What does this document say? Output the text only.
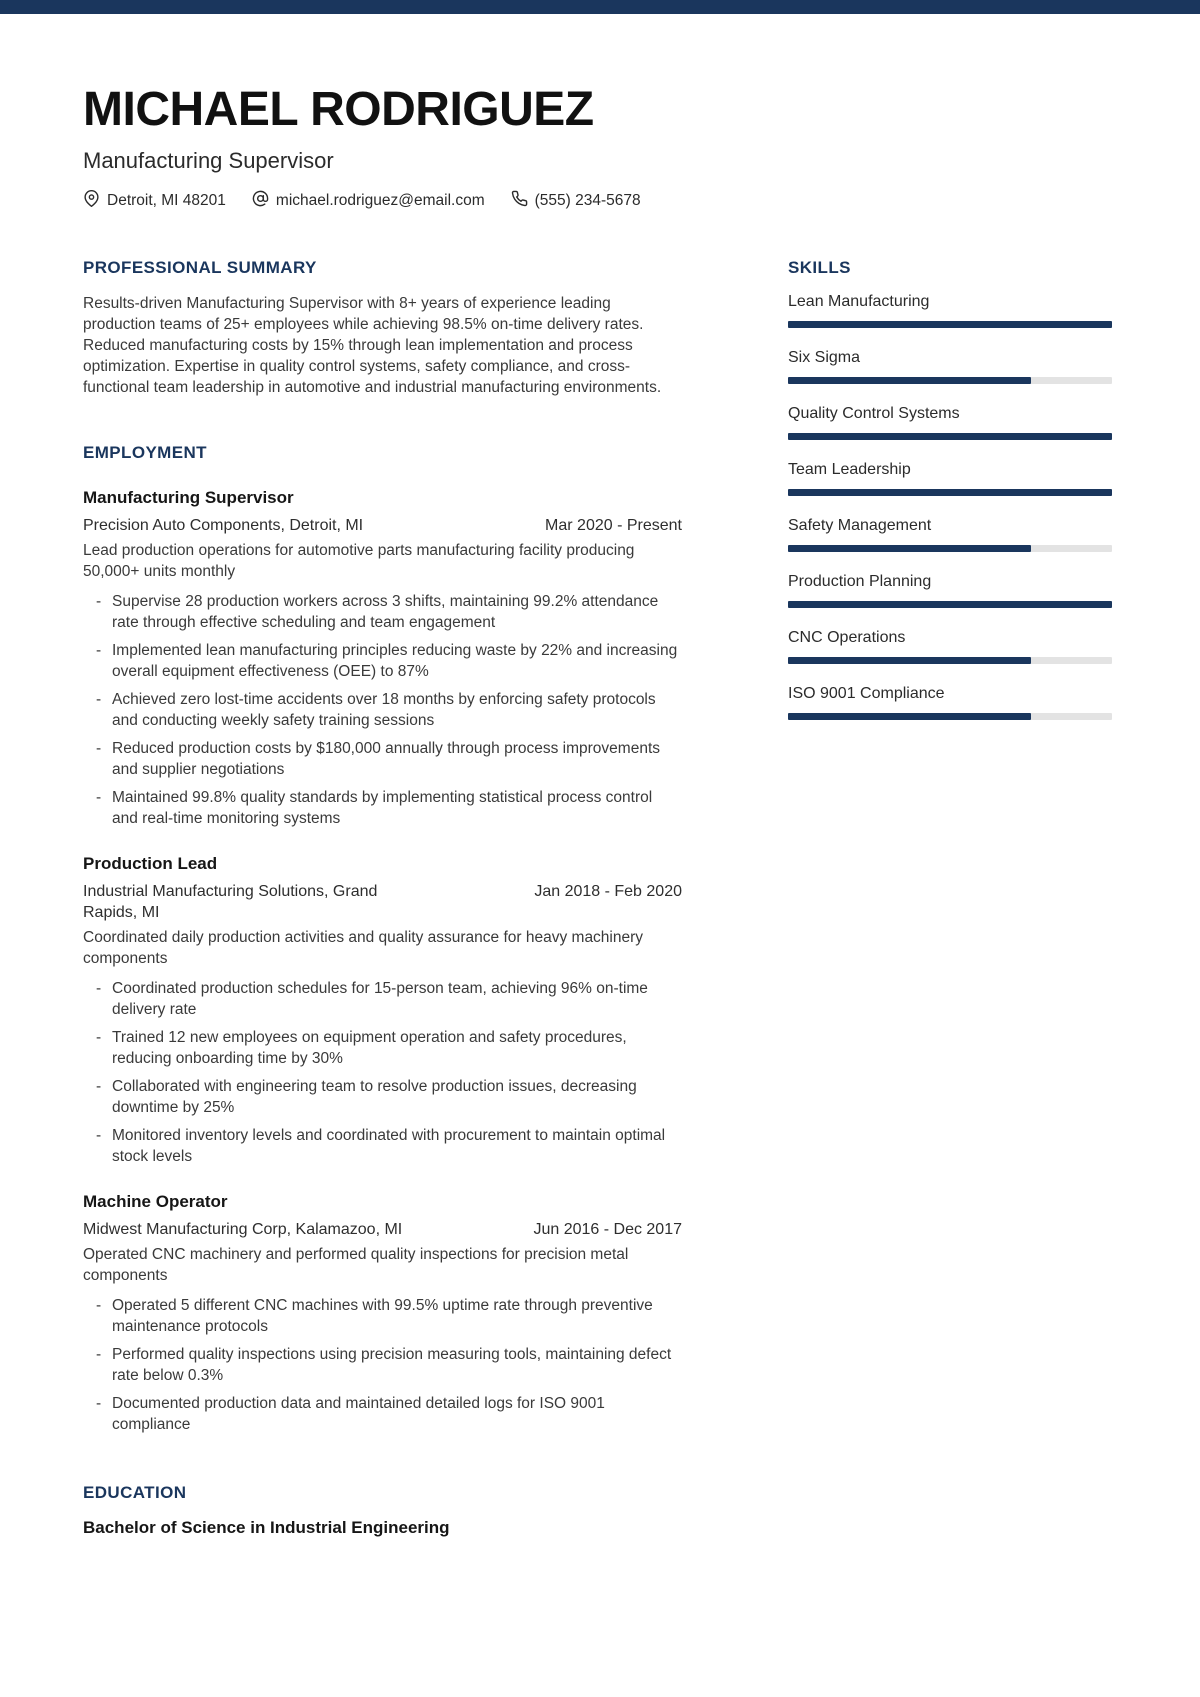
MICHAEL RODRIGUEZ
Manufacturing Supervisor
Detroit, MI 48201	michael.rodriguez@email.com	(555) 234-5678
PROFESSIONAL SUMMARY
Results-driven Manufacturing Supervisor with 8+ years of experience leading production teams of 25+ employees while achieving 98.5% on-time delivery rates. Reduced manufacturing costs by 15% through lean implementation and process optimization. Expertise in quality control systems, safety compliance, and cross-functional team leadership in automotive and industrial manufacturing environments.
EMPLOYMENT
Manufacturing Supervisor
Precision Auto Components, Detroit, MI	Mar 2020 - Present
Lead production operations for automotive parts manufacturing facility producing 50,000+ units monthly
- Supervise 28 production workers across 3 shifts, maintaining 99.2% attendance rate through effective scheduling and team engagement
- Implemented lean manufacturing principles reducing waste by 22% and increasing overall equipment effectiveness (OEE) to 87%
- Achieved zero lost-time accidents over 18 months by enforcing safety protocols and conducting weekly safety training sessions
- Reduced production costs by $180,000 annually through process improvements and supplier negotiations
- Maintained 99.8% quality standards by implementing statistical process control and real-time monitoring systems
Production Lead
Industrial Manufacturing Solutions, Grand Rapids, MI
Jan 2018 - Feb 2020
Coordinated daily production activities and quality assurance for heavy machinery components
- Coordinated production schedules for 15-person team, achieving 96% on-time delivery rate
- Trained 12 new employees on equipment operation and safety procedures, reducing onboarding time by 30%
- Collaborated with engineering team to resolve production issues, decreasing downtime by 25%
- Monitored inventory levels and coordinated with procurement to maintain optimal stock levels
Machine Operator
Midwest Manufacturing Corp, Kalamazoo, MI	Jun 2016 - Dec 2017
Operated CNC machinery and performed quality inspections for precision metal components
- Operated 5 different CNC machines with 99.5% uptime rate through preventive maintenance protocols
- Performed quality inspections using precision measuring tools, maintaining defect rate below 0.3%
- Documented production data and maintained detailed logs for ISO 9001 compliance
EDUCATION
Bachelor of Science in Industrial Engineering
SKILLS
Lean Manufacturing
Six Sigma
Quality Control Systems
Team Leadership
Safety Management
Production Planning
CNC Operations
ISO 9001 Compliance
